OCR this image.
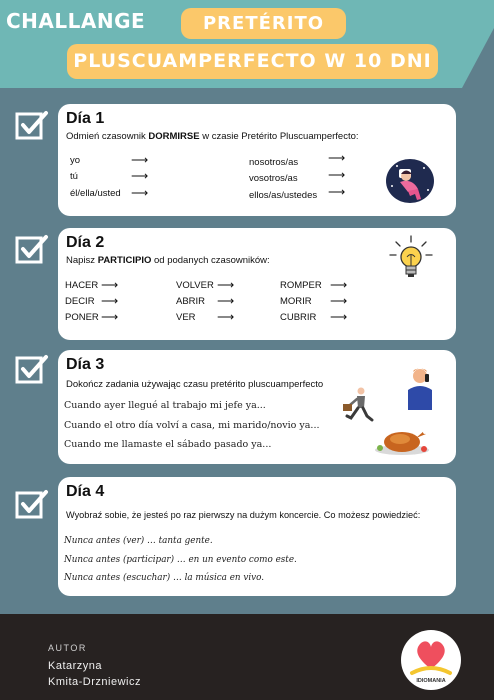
CHALLANGE	PRETÉRITO
PLUSCUAMPERFECTO W 10 DNI
Día 1
Odmień czasownik DORMIRSE w czasie Pretérito Pluscuamperfecto:
yo	⟶
tú	⟶
él/ella/usted ⟶
nosotros/as ⟶
vosotros/as	⟶
ellos/as/ustedes ⟶
Día 2
Napisz PARTICIPIO od podanych czasowników:
HACER ⟶
DECIR ⟶
PONER ⟶
VOLVER ⟶
ABRIR ⟶
VER ⟶
ROMPER ⟶
MORIR ⟶
CUBRIR ⟶
Día 3
Dokończ zadania używając czasu pretérito pluscuamperfecto
Cuando ayer llegué al trabajo mi jefe ya...
Cuando el otro día volví a casa, mi marido/novio ya...
Cuando me llamaste el sábado pasado ya...
Día 4
Wyobraź sobie, że jesteś po raz pierwszy na dużym koncercie. Co możesz powiedzieć:
Nunca antes (ver) … tanta gente.
Nunca antes (participar) … en un evento como este.
Nunca antes (escuchar) … la música en vivo.
AUTOR
Katarzyna
Kmita-Drzniewicz	IDIOMANIA
